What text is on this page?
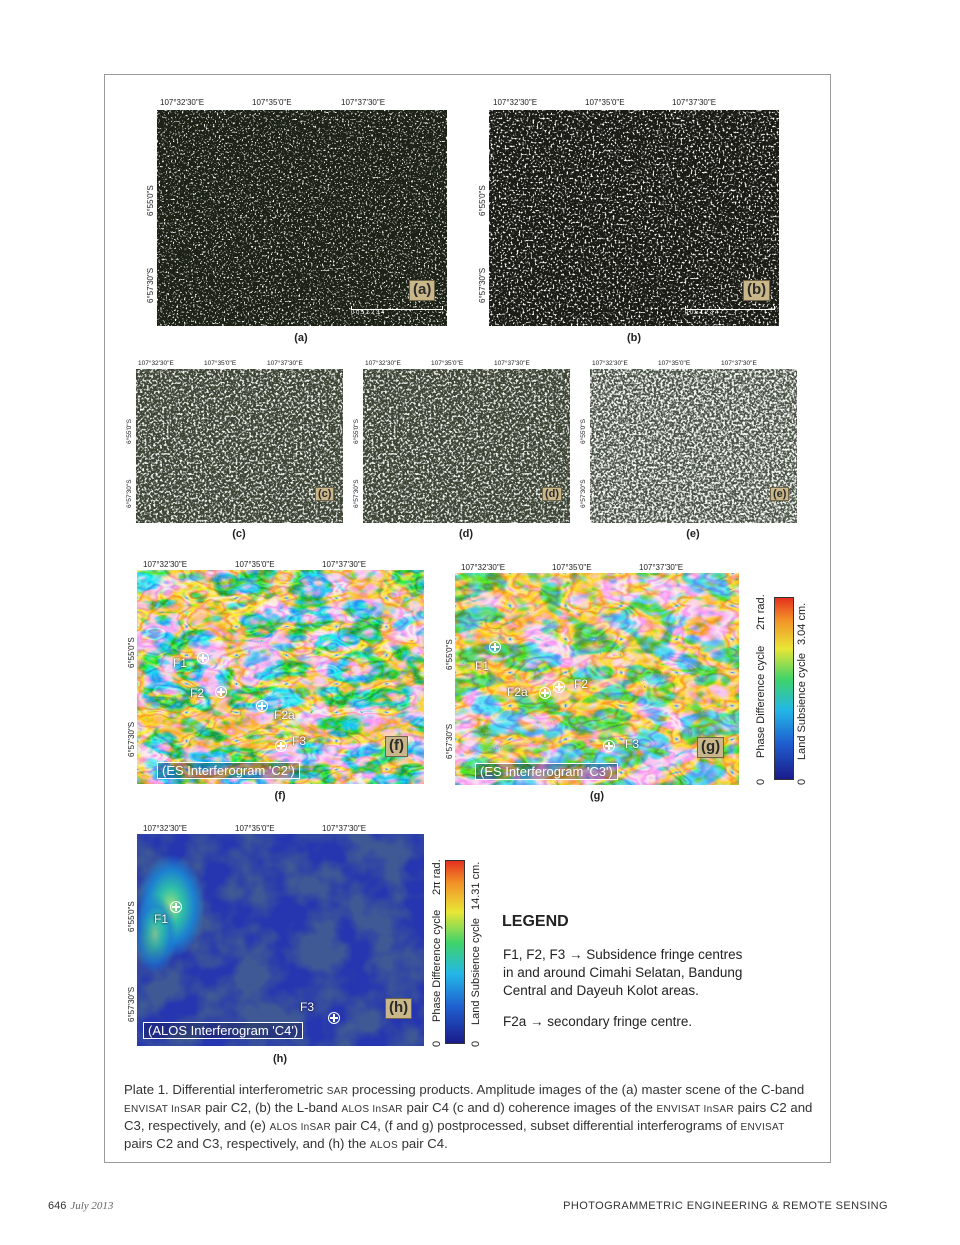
107°32'30"E	107°35'0"E	107°37'30"E
6°55'0"S
6°57'30"S	(a)
0 0.5 1 2 3 4
(a)
107°32'30"E	107°35'0"E	107°37'30"E
6°55'0"S
6°57'30"S	(b)
0 0.5 1 2 3 4
(b)
107°32'30"E	107°35'0"E	107°37'30"E
6°55'0"S
6°57'30"S	(c)
(c)
107°32'30"E	107°35'0"E	107°37'30"E
6°55'0"S
6°57'30"S	(d)
(d)
107°32'30"E	107°35'0"E	107°37'30"E
6°55'0"S
6°57'30"S	(e)
(e)
107°32'30"E	107°35'0"E	107°37'30"E
6°55'0"S
6°57'30"S
F1
F2
F2a
F3
(ES Interferogram 'C2')
(f)
(f)
107°32'30"E	107°35'0"E	107°37'30"E
6°55'0"S
6°57'30"S
F1
F2a
F2
F3
(ES Interferogram 'C3')
(g)
(g)
Phase Difference cycle
2π rad.
0
Land Subsience cycle
3.04 cm.
0
107°32'30"E	107°35'0"E	107°37'30"E
6°55'0"S
6°57'30"S
F1
F3
(ALOS Interferogram 'C4')
(h)
(h)
Phase Difference cycle
2π rad.
0
Land Subsience cycle
14.31 cm.
0
LEGEND
F1, F2, F3 → Subsidence fringe centres
in and around Cimahi Selatan, Bandung
Central and Dayeuh Kolot areas.
F2a → secondary fringe centre.
Plate 1. Differential interferometric SAR processing products. Amplitude images of the (a) master scene of the C-band ENVISAT InSAR pair C2, (b) the L-band ALOS InSAR pair C4 (c and d) coherence images of the ENVISAT InSAR pairs C2 and C3, respectively, and (e) ALOS InSAR pair C4, (f and g) postprocessed, subset differential interferograms of ENVISAT pairs C2 and C3, respectively, and (h) the ALOS pair C4.
646 July 2013	PHOTOGRAMMETRIC ENGINEERING & REMOTE SENSING
